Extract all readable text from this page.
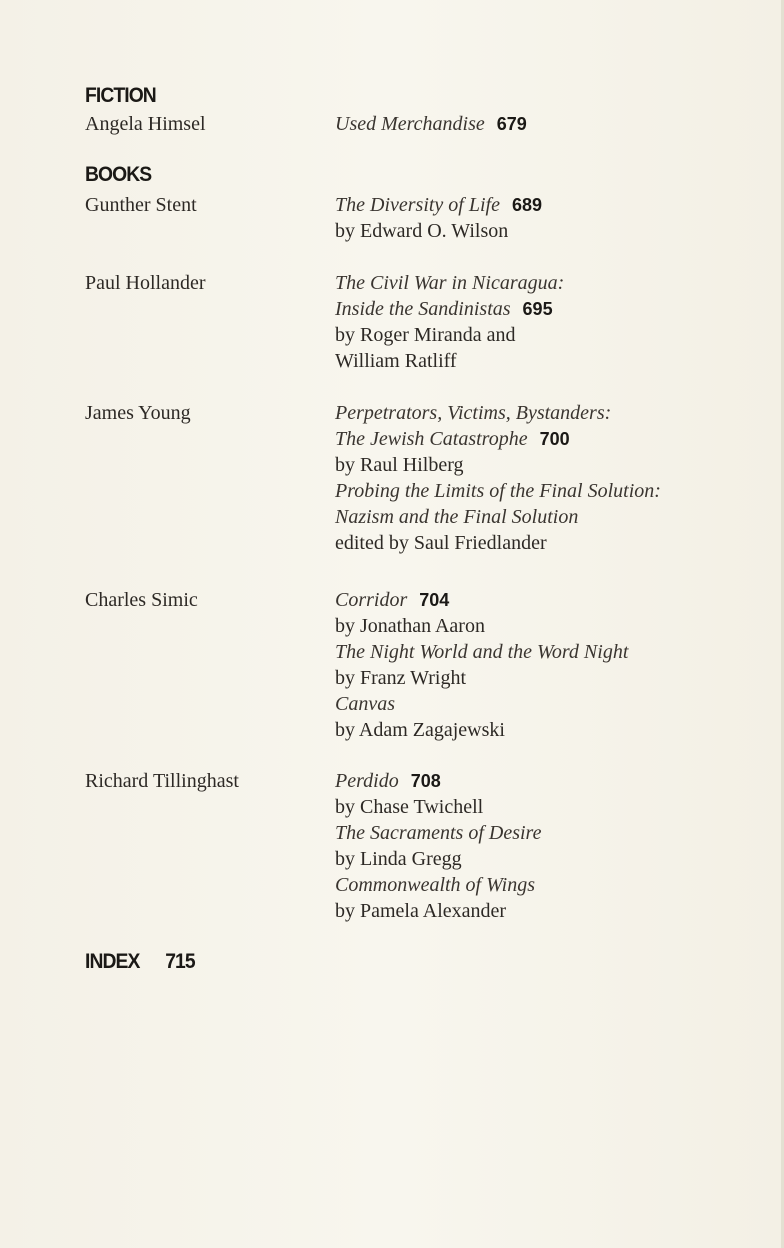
FICTION
Angela Himsel	Used Merchandise 679
BOOKS
Gunther Stent	The Diversity of Life 689
by Edward O. Wilson
Paul Hollander	The Civil War in Nicaragua:
Inside the Sandinistas 695
by Roger Miranda and
William Ratliff
James Young	Perpetrators, Victims, Bystanders:
The Jewish Catastrophe 700
by Raul Hilberg
Probing the Limits of the Final Solution:
Nazism and the Final Solution
edited by Saul Friedlander
Charles Simic	Corridor 704
by Jonathan Aaron
The Night World and the Word Night
by Franz Wright
Canvas
by Adam Zagajewski
Richard Tillinghast	Perdido 708
by Chase Twichell
The Sacraments of Desire
by Linda Gregg
Commonwealth of Wings
by Pamela Alexander
INDEX 715
